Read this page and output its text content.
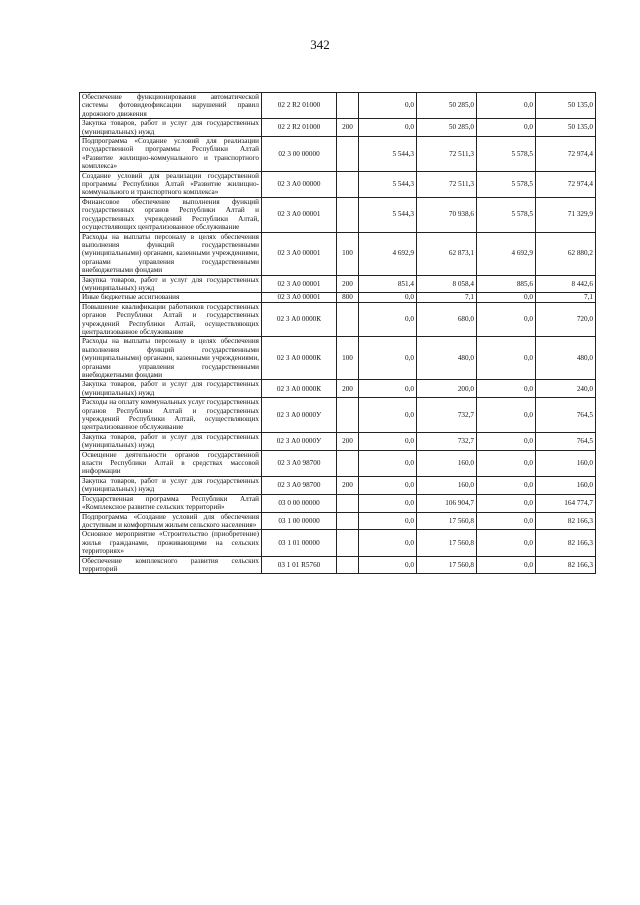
342
Обеспечение функционирования автоматической системы фотовидеофиксации нарушений правил дорожного движения	02 2 R2 01000		0,0	50 285,0	0,0	50 135,0
Закупка товаров, работ и услуг для государственных (муниципальных) нужд	02 2 R2 01000	200	0,0	50 285,0	0,0	50 135,0
Подпрограмма «Создание условий для реализации государственной программы Республики Алтай «Развитие жилищно-коммунального и транспортного комплекса»	02 3 00 00000		5 544,3	72 511,3	5 578,5	72 974,4
Создание условий для реализации государственной программы Республики Алтай «Развитие жилищно-коммунального и транспортного комплекса»	02 3 А0 00000		5 544,3	72 511,3	5 578,5	72 974,4
Финансовое обеспечение выполнения функций государственных органов Республики Алтай и государственных учреждений Республики Алтай, осуществляющих централизованное обслуживание	02 3 А0 00001		5 544,3	70 938,6	5 578,5	71 329,9
Расходы на выплаты персоналу в целях обеспечения выполнения функций государственными (муниципальными) органами, казенными учреждениями, органами управления государственными внебюджетными фондами	02 3 А0 00001	100	4 692,9	62 873,1	4 692,9	62 880,2
Закупка товаров, работ и услуг для государственных (муниципальных) нужд	02 3 А0 00001	200	851,4	8 058,4	885,6	8 442,6
Иные бюджетные ассигнования	02 3 А0 00001	800	0,0	7,1	0,0	7,1
Повышение квалификации работников государственных органов Республики Алтай и государственных учреждений Республики Алтай, осуществляющих централизованное обслуживание	02 3 А0 0000К		0,0	680,0	0,0	720,0
Расходы на выплаты персоналу в целях обеспечения выполнения функций государственными (муниципальными) органами, казенными учреждениями, органами управления государственными внебюджетными фондами	02 3 А0 0000К	100	0,0	480,0	0,0	480,0
Закупка товаров, работ и услуг для государственных (муниципальных) нужд	02 3 А0 0000К	200	0,0	200,0	0,0	240,0
Расходы на оплату коммунальных услуг государственных органов Республики Алтай и государственных учреждений Республики Алтай, осуществляющих централизованное обслуживание	02 3 А0 0000У		0,0	732,7	0,0	764,5
Закупка товаров, работ и услуг для государственных (муниципальных) нужд	02 3 А0 0000У	200	0,0	732,7	0,0	764,5
Освещение деятельности органов государственной власти Республики Алтай в средствах массовой информации	02 3 А0 98700		0,0	160,0	0,0	160,0
Закупка товаров, работ и услуг для государственных (муниципальных) нужд	02 3 А0 98700	200	0,0	160,0	0,0	160,0
Государственная программа Республики Алтай «Комплексное развитие сельских территорий»	03 0 00 00000		0,0	106 904,7	0,0	164 774,7
Подпрограмма «Создание условий для обеспечения доступным и комфортным жильем сельского населения»	03 1 00 00000		0,0	17 560,8	0,0	82 166,3
Основное мероприятие «Строительство (приобретение) жилья гражданами, проживающими на сельских территориях»	03 1 01 00000		0,0	17 560,8	0,0	82 166,3
Обеспечение комплексного развития сельских территорий	03 1 01 R5760		0,0	17 560,8	0,0	82 166,3
